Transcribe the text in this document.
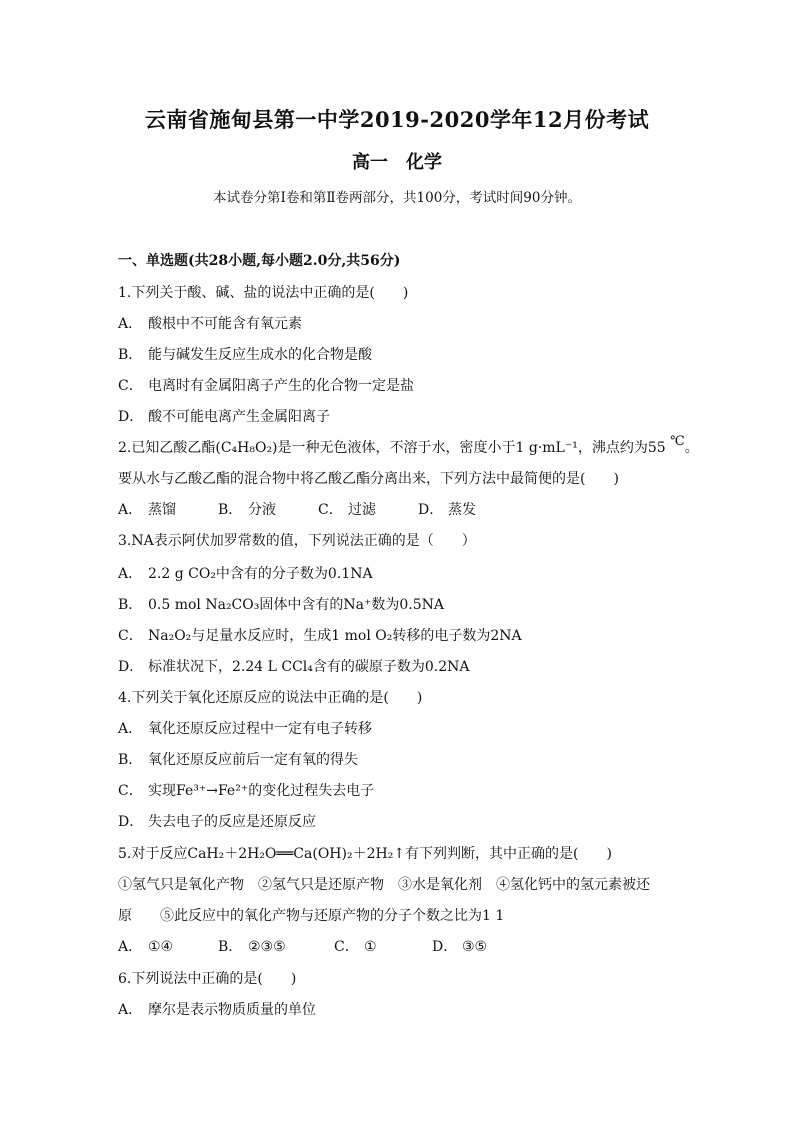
云南省施甸县第一中学2019-2020学年12月份考试
高一 化学
本试卷分第Ⅰ卷和第Ⅱ卷两部分，共100分，考试时间90分钟。
一、单选题(共28小题,每小题2.0分,共56分)
1.下列关于酸、碱、盐的说法中正确的是(　　)
A． 酸根中不可能含有氧元素
B． 能与碱发生反应生成水的化合物是酸
C． 电离时有金属阳离子产生的化合物一定是盐
D． 酸不可能电离产生金属阳离子
2.已知乙酸乙酯(C₄H₈O₂)是一种无色液体，不溶于水，密度小于1 g·mL⁻¹，沸点约为55 ℃。
要从水与乙酸乙酯的混合物中将乙酸乙酯分离出来，下列方法中最简便的是(　　)
A． 蒸馏	B． 分液	C． 过滤	D． 蒸发
3.NA表示阿伏加罗常数的值，下列说法正确的是（　　）
A． 2.2 g CO₂中含有的分子数为0.1NA
B． 0.5 mol Na₂CO₃固体中含有的Na⁺数为0.5NA
C． Na₂O₂与足量水反应时，生成1 mol O₂转移的电子数为2NA
D． 标准状况下，2.24 L CCl₄含有的碳原子数为0.2NA
4.下列关于氧化还原反应的说法中正确的是(　　)
A． 氧化还原反应过程中一定有电子转移
B． 氧化还原反应前后一定有氧的得失
C． 实现Fe³⁺→Fe²⁺的变化过程失去电子
D． 失去电子的反应是还原反应
5.对于反应CaH₂＋2H₂O══Ca(OH)₂＋2H₂↑有下列判断，其中正确的是(　　)
①氢气只是氧化产物　②氢气只是还原产物　③水是氧化剂　④氢化钙中的氢元素被还
原　　⑤此反应中的氧化产物与还原产物的分子个数之比为1 1
A． ①④	B． ②③⑤	C． ①	D． ③⑤
6.下列说法中正确的是(　　)
A． 摩尔是表示物质质量的单位
